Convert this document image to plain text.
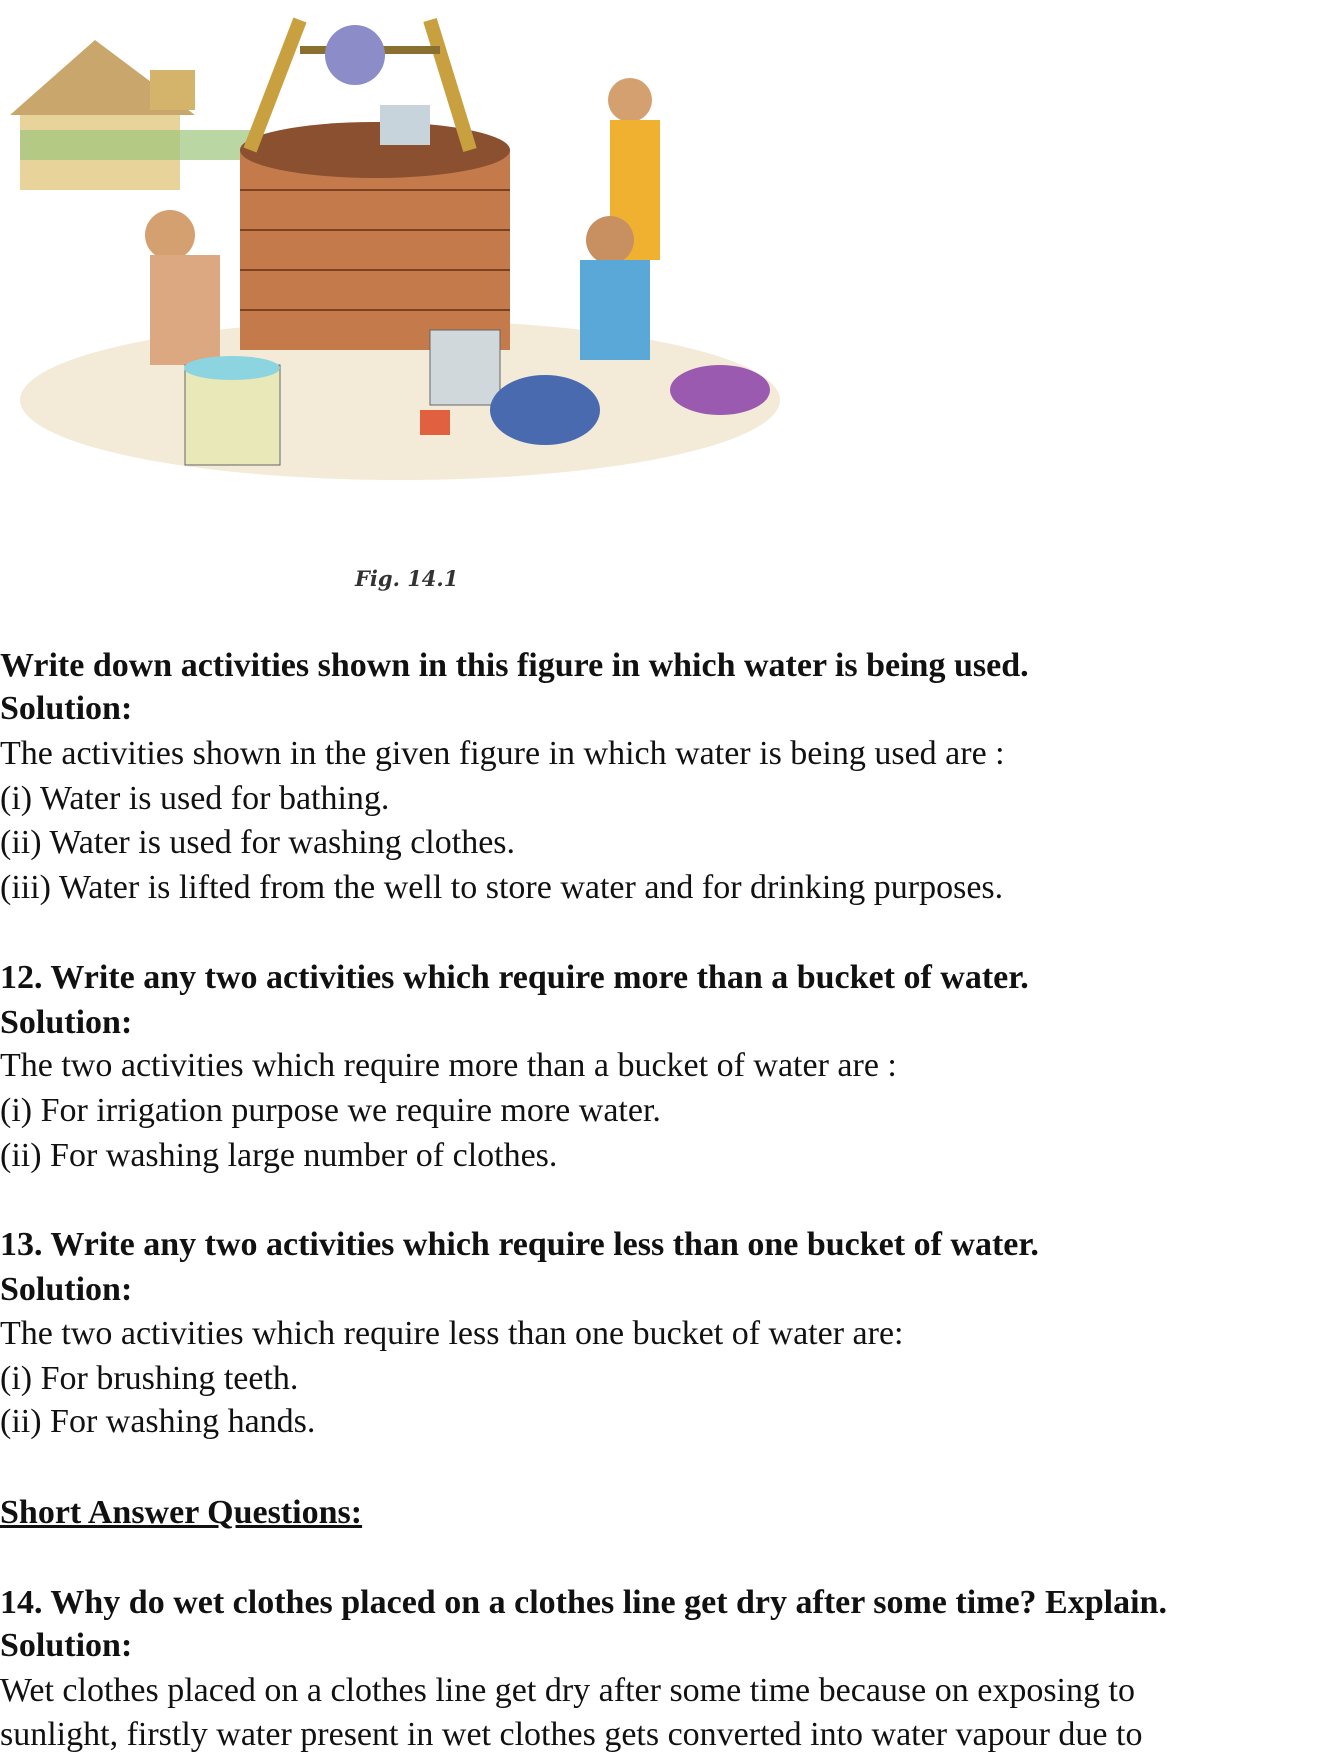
Fig. 14.1
Write down activities shown in this figure in which water is being used.
Solution:
The activities shown in the given figure in which water is being used are :
(i) Water is used for bathing.
(ii) Water is used for washing clothes.
(iii) Water is lifted from the well to store water and for drinking purposes.
12. Write any two activities which require more than a bucket of water.
Solution:
The two activities which require more than a bucket of water are :
(i) For irrigation purpose we require more water.
(ii) For washing large number of clothes.
13. Write any two activities which require less than one bucket of water.
Solution:
The two activities which require less than one bucket of water are:
(i) For brushing teeth.
(ii) For washing hands.
Short Answer Questions:
14. Why do wet clothes placed on a clothes line get dry after some time? Explain.
Solution:
Wet clothes placed on a clothes line get dry after some time because on exposing to
sunlight, firstly water present in wet clothes gets converted into water vapour due to
